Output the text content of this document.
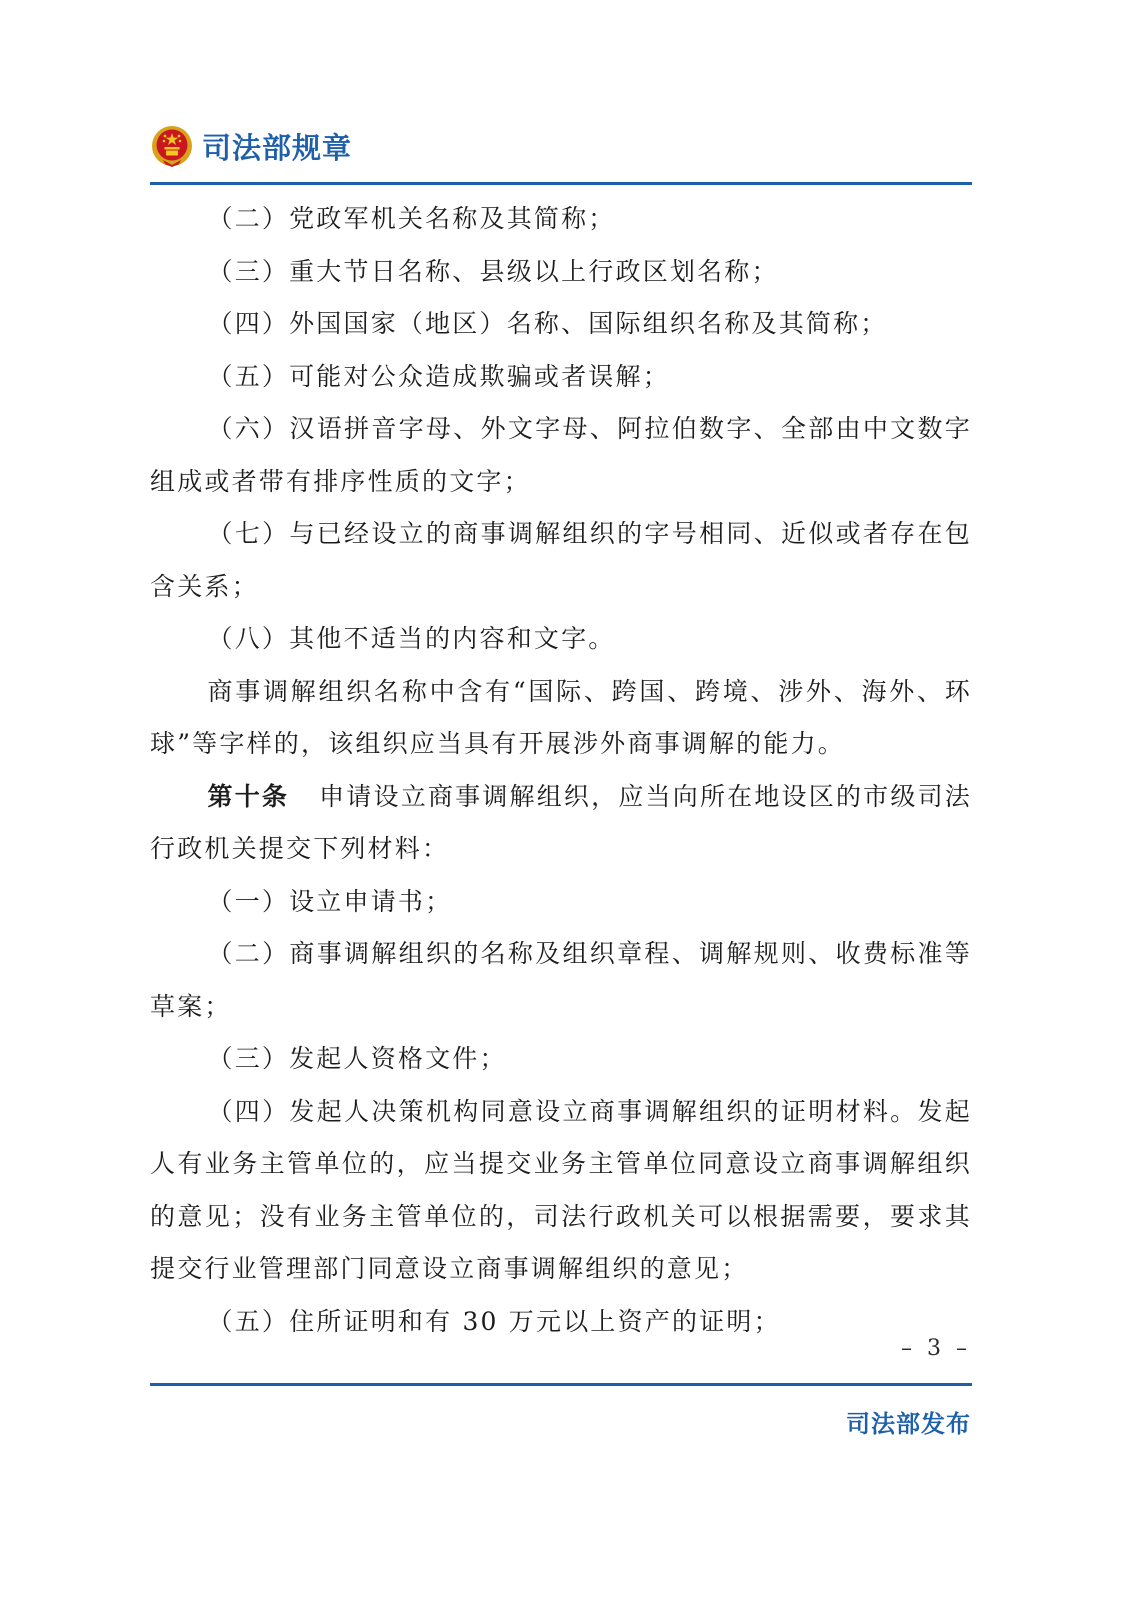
司法部规章

（二）党政军机关名称及其简称；

（三）重大节日名称、县级以上行政区划名称；

（四）外国国家（地区）名称、国际组织名称及其简称；

（五）可能对公众造成欺骗或者误解；

（六）汉语拼音字母、外文字母、阿拉伯数字、全部由中文数字组成或者带有排序性质的文字；

（七）与已经设立的商事调解组织的字号相同、近似或者存在包含关系；

（八）其他不适当的内容和文字。

商事调解组织名称中含有“国际、跨国、跨境、涉外、海外、环球”等字样的，该组织应当具有开展涉外商事调解的能力。

第十条 申请设立商事调解组织，应当向所在地设区的市级司法行政机关提交下列材料：

（一）设立申请书；

（二）商事调解组织的名称及组织章程、调解规则、收费标准等草案；

（三）发起人资格文件；

（四）发起人决策机构同意设立商事调解组织的证明材料。发起人有业务主管单位的，应当提交业务主管单位同意设立商事调解组织的意见；没有业务主管单位的，司法行政机关可以根据需要，要求其提交行业管理部门同意设立商事调解组织的意见；

（五）住所证明和有 30 万元以上资产的证明；

– 3 –
司法部发布
